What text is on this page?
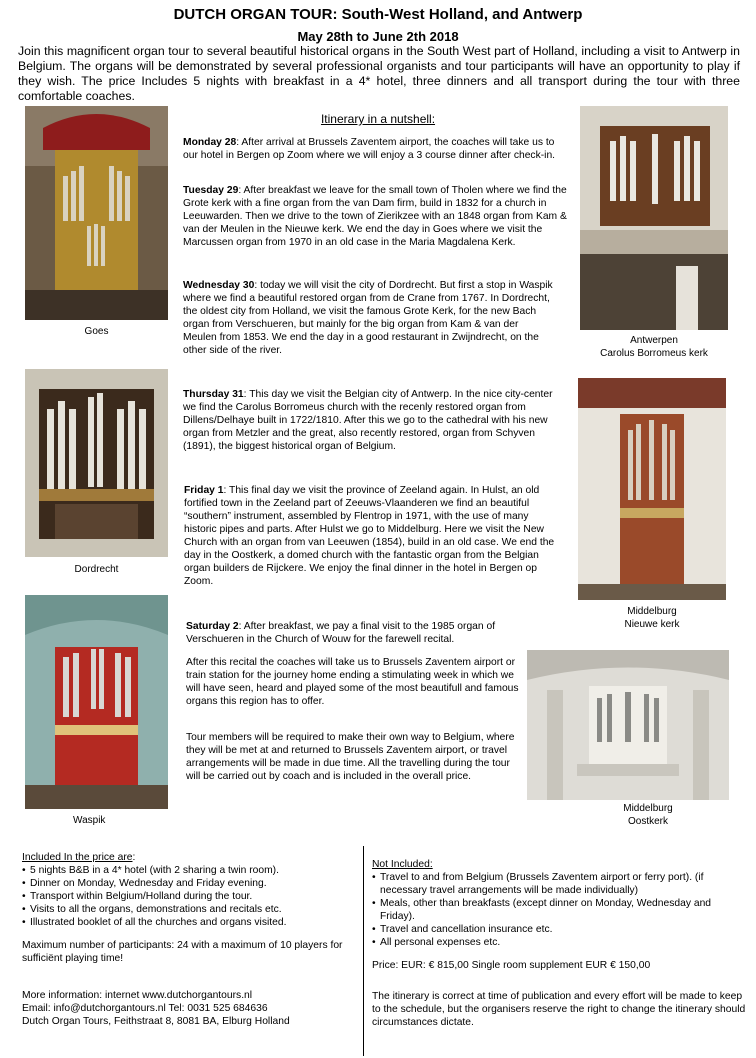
DUTCH ORGAN TOUR: South-West Holland, and Antwerp
May 28th to June 2th 2018
Join this magnificent organ tour to several beautiful historical organs in the South West part of Holland, including a visit to Antwerp in Belgium. The organs will be demonstrated by several professional organists and tour participants will have an opportunity to play if they wish. The price Includes 5 nights with breakfast in a 4* hotel, three dinners and all transport during the tour with three comfortable coaches.
Itinerary in a nutshell:
Goes
Dordrecht
Waspik
Antwerpen
Carolus Borromeus kerk
Middelburg
Nieuwe kerk
Middelburg
Oostkerk
Monday 28: After arrival at Brussels Zaventem airport, the coaches will take us to our hotel in Bergen op Zoom where we will enjoy a 3 course dinner after check-in.
Tuesday 29: After breakfast we leave for the small town of Tholen where we find the Grote kerk with a fine organ from the van Dam firm, build in 1832 for a church in Leeuwarden. Then we drive to the town of Zierikzee with an 1848 organ from Kam & van der Meulen in the Nieuwe kerk. We end the day in Goes where we visit the Marcussen organ from 1970 in an old case in the Maria Magdalena Kerk.
Wednesday 30: today we will visit the city of Dordrecht. But first a stop in Waspik where we find a beautiful restored organ from de Crane from 1767. In Dordrecht, the oldest city from Holland, we visit the famous Grote Kerk, for the new Bach organ from Verschueren, but mainly for the big organ from Kam & van der Meulen from 1853. We end the day in a good restaurant in Zwijndrecht, on the other side of the river.
Thursday 31: This day we visit the Belgian city of Antwerp. In the nice city-center we find the Carolus Borromeus church with the recenly restored organ from Dillens/Delhaye built in 1722/1810. After this we go to the cathedral with his new organ from Metzler and the great, also recently restored, organ from Schyven (1891), the biggest historical organ of Belgium.
Friday 1: This final day we visit the province of Zeeland again. In Hulst, an old fortified town in the Zeeland part of Zeeuws-Vlaanderen we find an beautiful “southern” instrument, assembled by Flentrop in 1971, with the use of many historic pipes and parts. After Hulst we go to Middelburg. Here we visit the New Church with an organ from van Leeuwen (1854), build in an old case. We end the day in the Oostkerk, a domed church with the fantastic organ from the Belgian organ builders de Rijckere. We enjoy the final dinner in the hotel in Bergen op Zoom.
Saturday 2: After breakfast, we pay a final visit to the 1985 organ of Verschueren in the Church of Wouw for the farewell recital.
After this recital the coaches will take us to Brussels Zaventem airport or train station for the journey home ending a stimulating week in which we will have seen, heard and played some of the most beautifull and famous organs this region has to offer.
Tour members will be required to make their own way to Belgium, where they will be met at and returned to Brussels Zaventem airport, or travel arrangements will be made in due time. All the travelling during the tour will be carried out by coach and is included in the overall price.
Included In the price are:
• 5 nights B&B in a 4* hotel (with 2 sharing a twin room).
• Dinner on Monday, Wednesday and Friday evening.
• Transport within Belgium/Holland during the tour.
• Visits to all the organs, demonstrations and recitals etc.
• Illustrated booklet of all the churches and organs visited.
Maximum number of participants: 24 with a maximum of 10 players for sufficiënt playing time!
More information: internet www.dutchorgantours.nl
Email: info@dutchorgantours.nl Tel: 0031 525 684636
Dutch Organ Tours, Feithstraat 8, 8081 BA, Elburg Holland
Not Included:
• Travel to and from Belgium (Brussels Zaventem airport or ferry port). (if necessary travel arrangements will be made individually)
• Meals, other than breakfasts (except dinner on Monday, Wednesday and Friday).
• Travel and cancellation insurance etc.
• All personal expenses etc.
Price: EUR: € 815,00 Single room supplement EUR € 150,00
The itinerary is correct at time of publication and every effort will be made to keep to the schedule, but the organisers reserve the right to change the itinerary should circumstances dictate.
